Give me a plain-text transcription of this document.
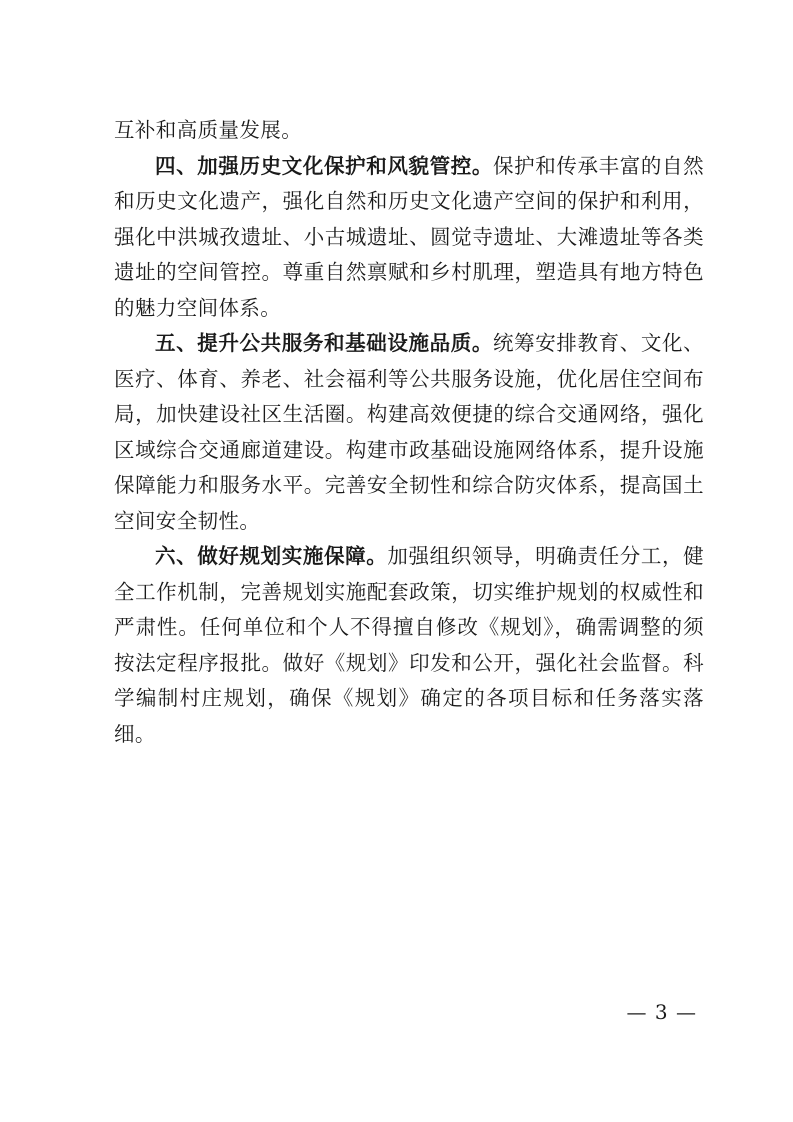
互补和高质量发展。

四、加强历史文化保护和风貌管控。保护和传承丰富的自然和历史文化遗产，强化自然和历史文化遗产空间的保护和利用，强化中洪城孜遗址、小古城遗址、圆觉寺遗址、大滩遗址等各类遗址的空间管控。尊重自然禀赋和乡村肌理，塑造具有地方特色的魅力空间体系。

五、提升公共服务和基础设施品质。统筹安排教育、文化、医疗、体育、养老、社会福利等公共服务设施，优化居住空间布局，加快建设社区生活圈。构建高效便捷的综合交通网络，强化区域综合交通廊道建设。构建市政基础设施网络体系，提升设施保障能力和服务水平。完善安全韧性和综合防灾体系，提高国土空间安全韧性。

六、做好规划实施保障。加强组织领导，明确责任分工，健全工作机制，完善规划实施配套政策，切实维护规划的权威性和严肃性。任何单位和个人不得擅自修改《规划》，确需调整的须按法定程序报批。做好《规划》印发和公开，强化社会监督。科学编制村庄规划，确保《规划》确定的各项目标和任务落实落细。

— 3 —
